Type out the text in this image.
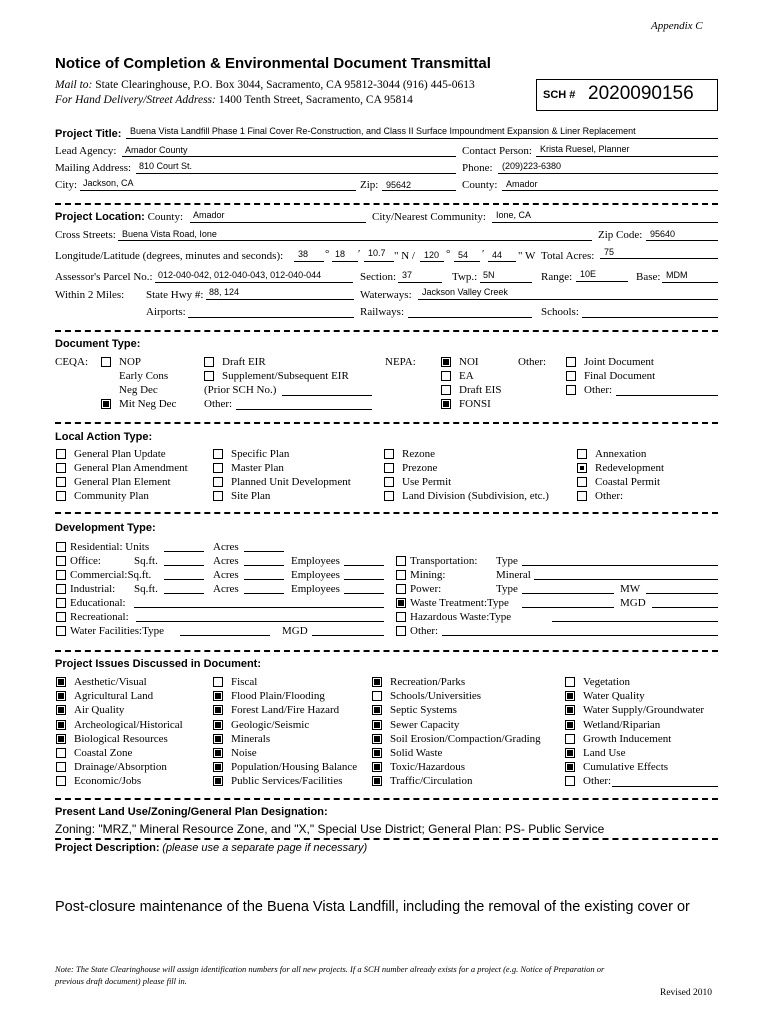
Appendix C
Notice of Completion & Environmental Document Transmittal
Mail to: State Clearinghouse, P.O. Box 3044, Sacramento, CA 95812-3044 (916) 445-0613
For Hand Delivery/Street Address: 1400 Tenth Street, Sacramento, CA 95814	SCH # 2020090156
Project Title: Buena Vista Landfill Phase 1 Final Cover Re-Construction, and Class II Surface Impoundment Expansion & Liner Replacement
Lead Agency: Amador County	Contact Person: Krista Ruesel, Planner
Mailing Address: 810 Court St.	Phone: (209)223-6380
City: Jackson, CA	Zip: 95642	County: Amador
Project Location: County: Amador	City/Nearest Community: Ione, CA
Cross Streets: Buena Vista Road, Ione	Zip Code: 95640
Longitude/Latitude (degrees, minutes and seconds): 38 ° 18 ′ 10.7 " N / 120 ° 54 ′ 44 " W Total Acres: 75
Assessor's Parcel No.: 012-040-042, 012-040-043, 012-040-044	Section: 37	Twp.: 5N	Range: 10E	Base: MDM
Within 2 Miles: State Hwy #: 88, 124	Waterways: Jackson Valley Creek
Airports:	Railways:	Schools:
Document Type:
CEQA:	NOP
Early Cons
Neg Dec
Mit Neg Dec
Draft EIR
Supplement/Subsequent EIR
(Prior SCH No.)
Other:
NEPA:	NOI
EA
Draft EIS
FONSI
Other:	Joint Document
Final Document
Other:
Local Action Type:
General Plan Update
General Plan Amendment
General Plan Element
Community Plan
Specific Plan
Master Plan
Planned Unit Development
Site Plan
Rezone
Prezone
Use Permit
Land Division (Subdivision, etc.)
Annexation
Redevelopment
Coastal Permit
Other:
Development Type:
Residential: Units	Acres
Office:	Sq.ft.	Acres	Employees
Commercial:Sq.ft.	Acres	Employees
Industrial: Sq.ft.	Acres	Employees
Educational:
Recreational:
Water Facilities:Type	MGD
Transportation: Type
Mining:	Mineral
Power:	Type	MW
Waste Treatment:Type	MGD
Hazardous Waste:Type
Other:
Project Issues Discussed in Document:
Aesthetic/Visual
Agricultural Land
Air Quality
Archeological/Historical
Biological Resources
Coastal Zone
Drainage/Absorption
Economic/Jobs
Fiscal
Flood Plain/Flooding
Forest Land/Fire Hazard
Geologic/Seismic
Minerals
Noise
Population/Housing Balance
Public Services/Facilities
Recreation/Parks
Schools/Universities
Septic Systems
Sewer Capacity
Soil Erosion/Compaction/Grading
Solid Waste
Toxic/Hazardous
Traffic/Circulation
Vegetation
Water Quality
Water Supply/Groundwater
Wetland/Riparian
Growth Inducement
Land Use
Cumulative Effects
Other:
Present Land Use/Zoning/General Plan Designation:
Zoning: "MRZ," Mineral Resource Zone, and "X," Special Use District; General Plan: PS- Public Service
Project Description: (please use a separate page if necessary)
Post-closure maintenance of the Buena Vista Landfill, including the removal of the existing cover or
Note: The State Clearinghouse will assign identification numbers for all new projects. If a SCH number already exists for a project (e.g. Notice of Preparation or
previous draft document) please fill in.
Revised 2010
